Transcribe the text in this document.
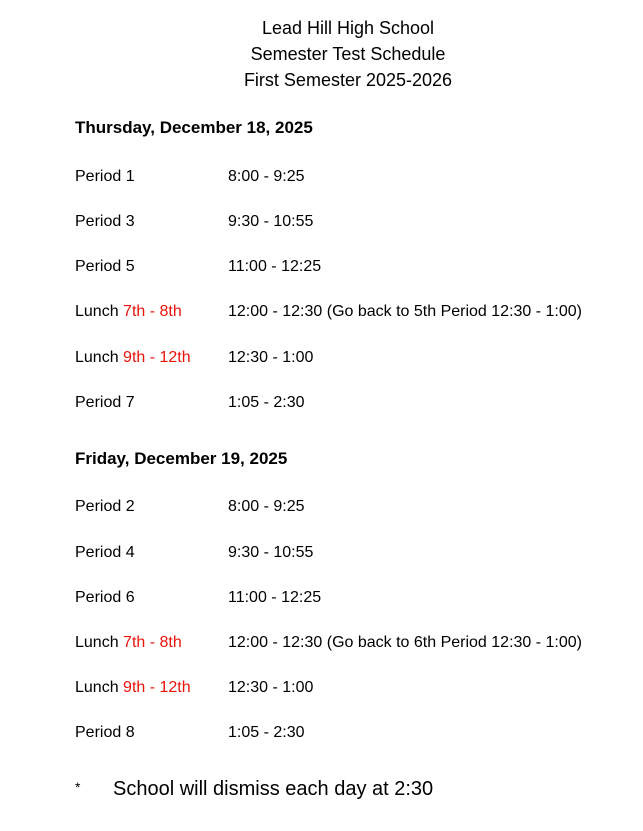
Lead Hill High School
Semester Test Schedule
First Semester 2025-2026
Thursday, December 18, 2025
Period 1	8:00 - 9:25
Period 3	9:30 - 10:55
Period 5	11:00 - 12:25
Lunch 7th - 8th	12:00 - 12:30 (Go back to 5th Period 12:30 - 1:00)
Lunch 9th - 12th 12:30 - 1:00
Period 7	1:05 - 2:30
Friday, December 19, 2025
Period 2	8:00 - 9:25
Period 4	9:30 - 10:55
Period 6	11:00 - 12:25
Lunch 7th - 8th	12:00 - 12:30 (Go back to 6th Period 12:30 - 1:00)
Lunch 9th - 12th 12:30 - 1:00
Period 8	1:05 - 2:30
* School will dismiss each day at 2:30
